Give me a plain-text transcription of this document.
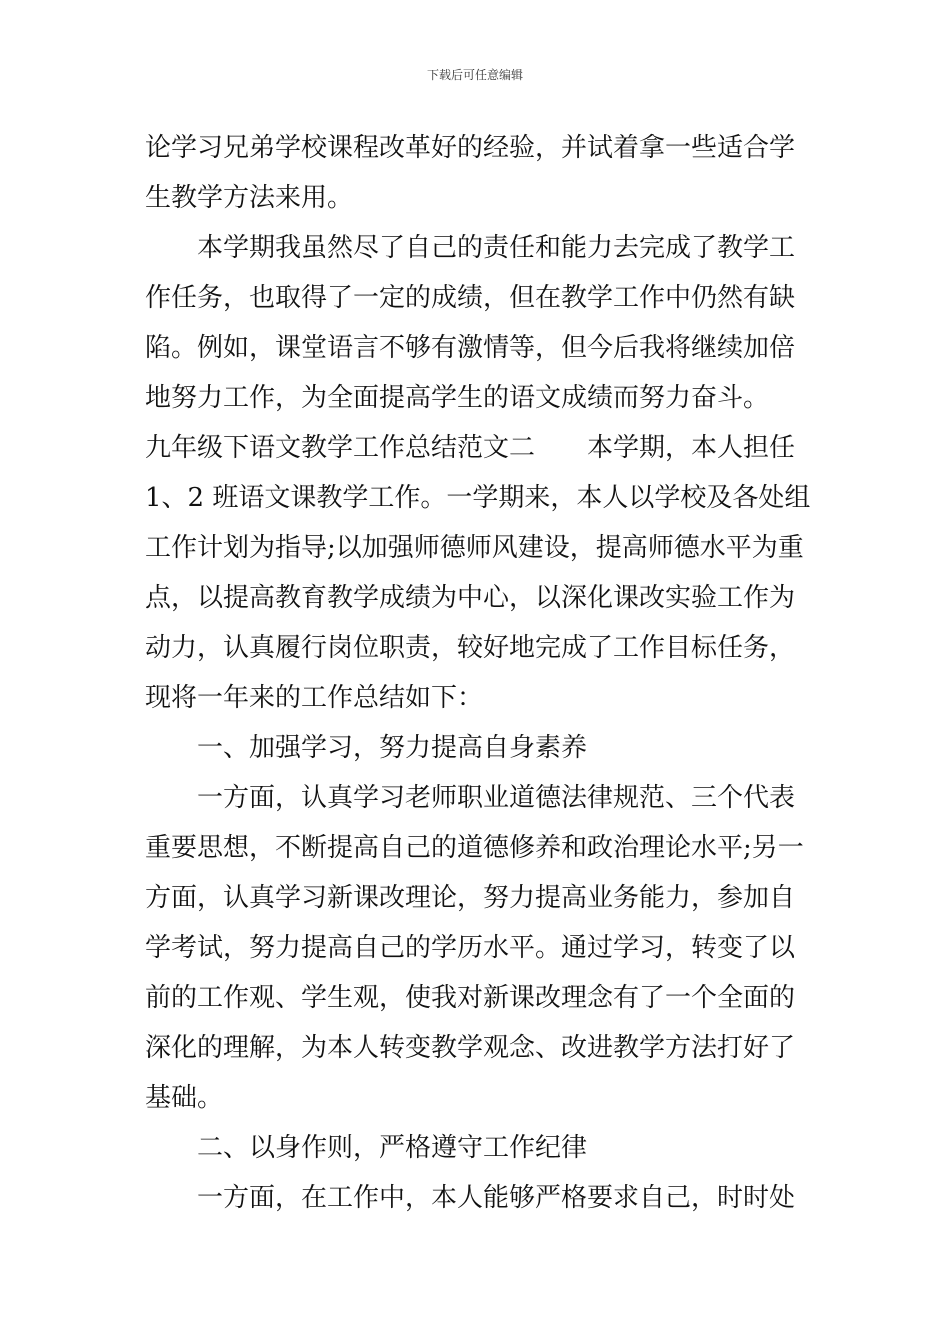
下载后可任意编辑
论学习兄弟学校课程改革好的经验，并试着拿一些适合学
生教学方法来用。
本学期我虽然尽了自己的责任和能力去完成了教学工
作任务，也取得了一定的成绩，但在教学工作中仍然有缺
陷。例如，课堂语言不够有激情等，但今后我将继续加倍
地努力工作，为全面提高学生的语文成绩而努力奋斗。
九年级下语文教学工作总结范文二　　本学期，本人担任
1、2 班语文课教学工作。一学期来，本人以学校及各处组
工作计划为指导;以加强师德师风建设，提高师德水平为重
点，以提高教育教学成绩为中心，以深化课改实验工作为
动力，认真履行岗位职责，较好地完成了工作目标任务，
现将一年来的工作总结如下：
一、加强学习，努力提高自身素养
一方面，认真学习老师职业道德法律规范、三个代表
重要思想，不断提高自己的道德修养和政治理论水平;另一
方面，认真学习新课改理论，努力提高业务能力，参加自
学考试，努力提高自己的学历水平。通过学习，转变了以
前的工作观、学生观，使我对新课改理念有了一个全面的
深化的理解，为本人转变教学观念、改进教学方法打好了
基础。
二、以身作则，严格遵守工作纪律
一方面，在工作中，本人能够严格要求自己，时时处
